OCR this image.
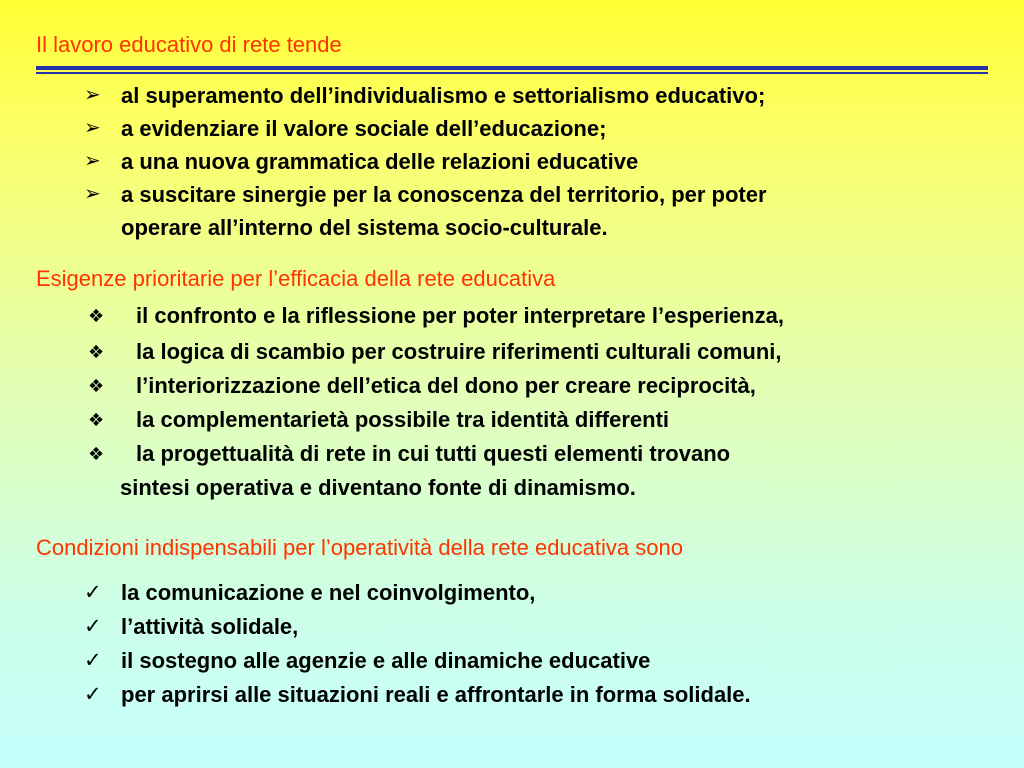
Il lavoro educativo di rete tende
➢ al superamento dell’individualismo e settorialismo educativo;
➢ a evidenziare il valore sociale dell’educazione;
➢ a una nuova grammatica delle relazioni educative
➢ a suscitare sinergie per la conoscenza del territorio, per poter
operare all’interno del sistema socio-culturale.
Esigenze prioritarie per l’efficacia della rete educativa
❖ il confronto e la riflessione per poter interpretare l’esperienza,
❖ la logica di scambio per costruire riferimenti culturali comuni,
❖ l’interiorizzazione dell’etica del dono per creare reciprocità,
❖ la complementarietà possibile tra identità differenti
❖ la progettualità di rete in cui tutti questi elementi trovano
sintesi operativa e diventano fonte di dinamismo.
Condizioni indispensabili per l’operatività della rete educativa sono
✓ la comunicazione e nel coinvolgimento,
✓ l’attività solidale,
✓ il sostegno alle agenzie e alle dinamiche educative
✓ per aprirsi alle situazioni reali e affrontarle in forma solidale.
